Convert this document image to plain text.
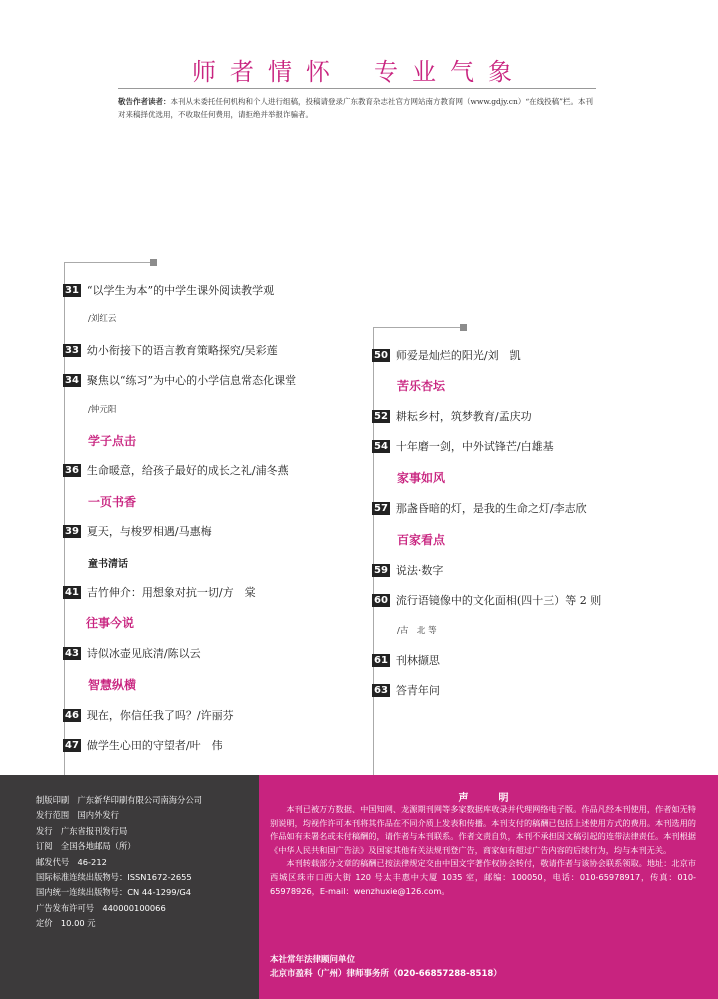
师者情怀 专业气象
敬告作者读者：本刊从未委托任何机构和个人进行组稿，投稿请登录广东教育杂志社官方网站南方教育网（www.gdjy.cn）“在线投稿”栏。本刊对来稿择优选用，不收取任何费用，请拒绝并举报诈骗者。
31 “以学生为本”的中学生课外阅读教学观
/刘红云
33 幼小衔接下的语言教育策略探究/吴彩莲
34 聚焦以“练习”为中心的小学信息常态化课堂
/钟元阳
学子点击
36 生命暖意，给孩子最好的成长之礼/浦冬燕
一页书香
39 夏天，与梭罗相遇/马惠梅
童书清话
41 吉竹伸介：用想象对抗一切/方　棠
往事今说
43 诗似冰壶见底清/陈以云
智慧纵横
46 现在，你信任我了吗？/许丽芬
47 做学生心田的守望者/叶　伟
50 师爱是灿烂的阳光/刘　凯
苦乐杏坛
52 耕耘乡村，筑梦教育/孟庆功
54 十年磨一剑，中外试锋芒/白雄基
家事如风
57 那盏昏暗的灯，是我的生命之灯/李志欣
百家看点
59 说法·数字
60 流行语镜像中的文化面相(四十三）等 2 则
/古　北 等
61 刊林撷思
63 答青年问
制版印刷　广东新华印刷有限公司南海分公司
发行范围　国内外发行
发行　广东省报刊发行局
订阅　全国各地邮局（所）
邮发代号　46-212
国际标准连续出版物号：ISSN1672-2655
国内统一连续出版物号：CN 44-1299/G4
广告发布许可号　440000100066
定价　10.00 元
声　明

本刊已被万方数据、中国知网、龙源期刊网等多家数据库收录并代理网络电子版。作品凡经本刊使用，作者如无特别说明，均视作许可本刊将其作品在不同介质上发表和传播。本刊支付的稿酬已包括上述使用方式的费用。本刊选用的作品如有未署名或未付稿酬的，请作者与本刊联系。作者文责自负，本刊不承担因文稿引起的连带法律责任。本刊根据《中华人民共和国广告法》及国家其他有关法规刊登广告，商家如有超过广告内容的后续行为，均与本刊无关。

本刊转载部分文章的稿酬已按法律规定交由中国文字著作权协会转付，敬请作者与该协会联系领取。地址：北京市西城区珠市口西大街 120 号太丰惠中大厦 1035 室，邮编：100050，电话：010-65978917，传真：010-65978926，E-mail：wenzhuxie@126.com。

本社常年法律顾问单位
北京市盈科（广州）律师事务所（020-66857288-8518）
